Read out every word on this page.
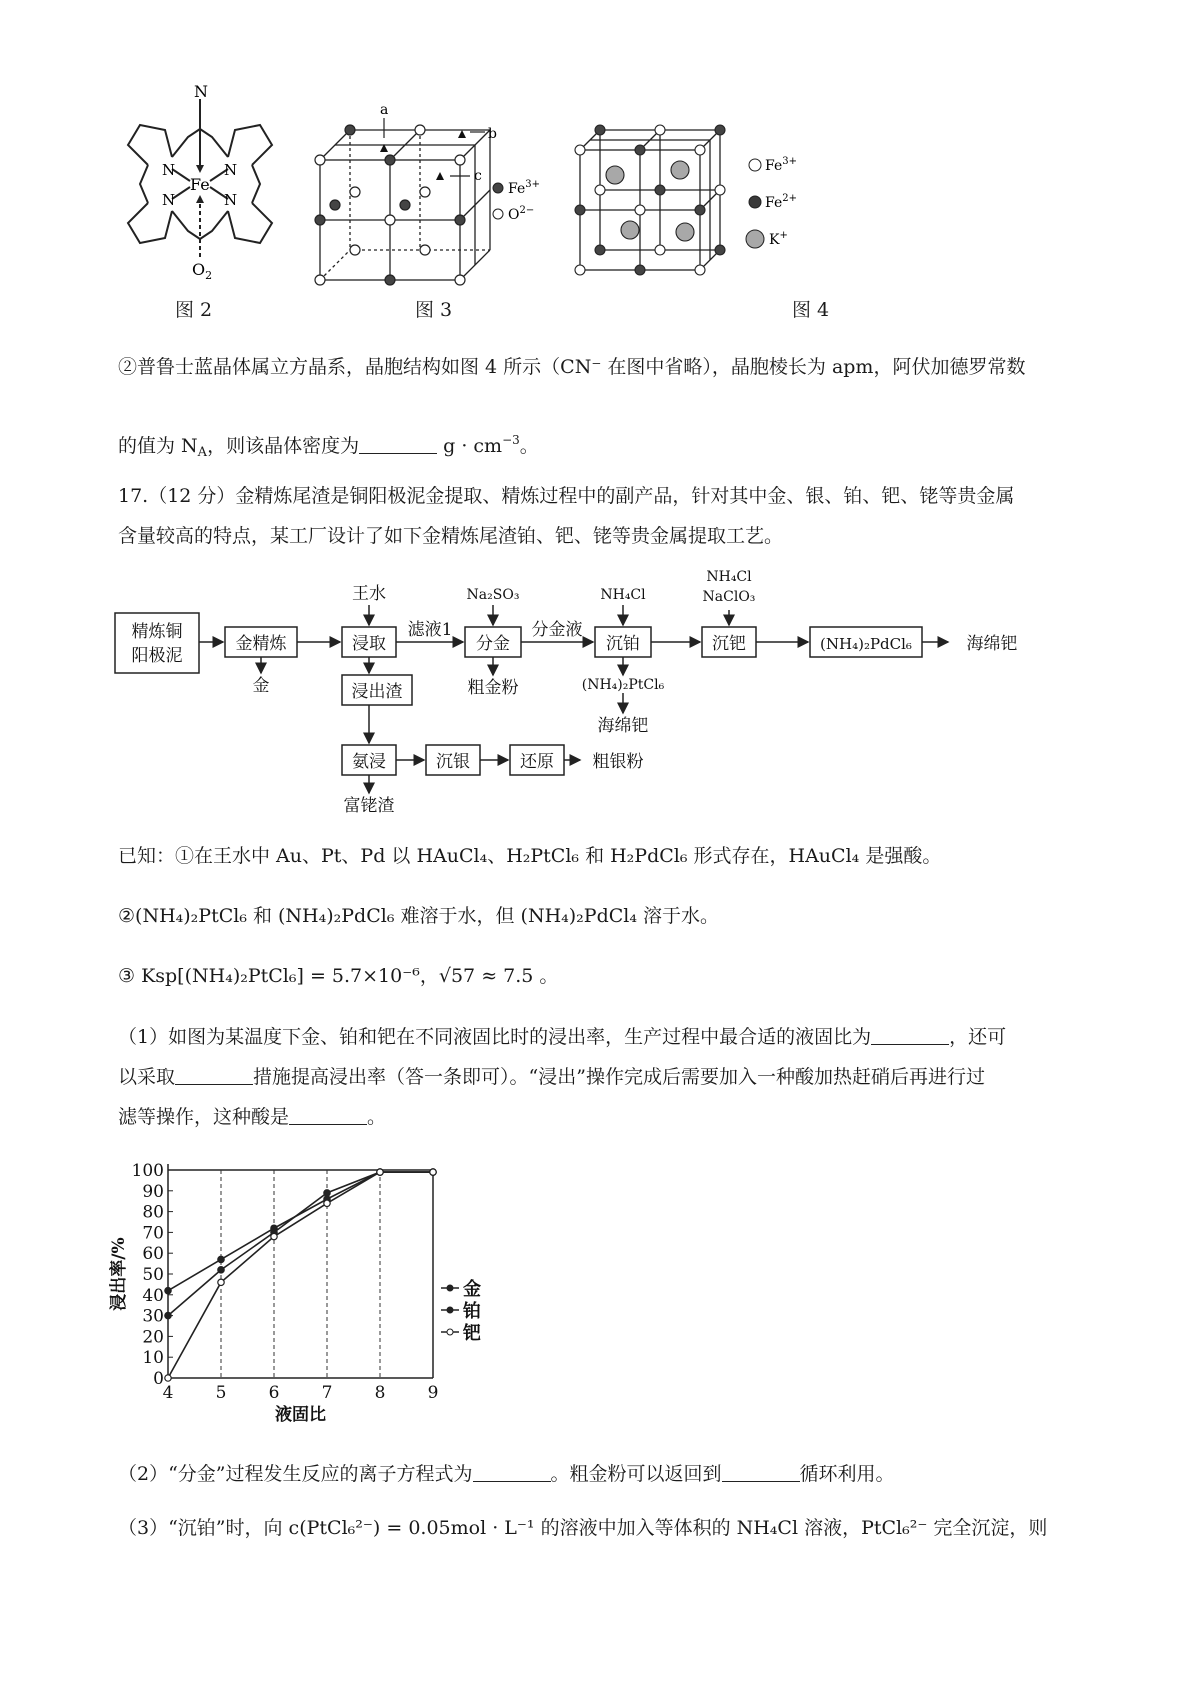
N
Fe
N	N
N	N
$O_2$
图 2
a
b
c
$Fe^{3+}$
$O^{2-}$
图 3
$Fe^{3+}$
$Fe^{2+}$
K+
图 4
②普鲁士蓝晶体属立方晶系，晶胞结构如图 4 所示（CN⁻ 在图中省略），晶胞棱长为 apm，阿伏加德罗常数
的值为 $N_A$，则该晶体密度为	$g \cdot cm^{-3}$。
17.（12 分）金精炼尾渣是铜阳极泥金提取、精炼过程中的副产品，针对其中金、银、铂、钯、铑等贵金属
含量较高的特点，某工厂设计了如下金精炼尾渣铂、钯、铑等贵金属提取工艺。
精炼铜
阳极泥
金精炼	浸取	分金	沉铂	沉钯	(NH₄)₂PdCl₆
浸出渣
氨浸	沉银	还原
王水	Na₂SO₃	NH₄Cl
NH₄Cl
NaClO₃
滤液1	分金液
海绵钯
金	粗金粉	(NH₄)₂PtCl₆
海绵钯
粗银粉
富铑渣
已知：①在王水中 Au、Pt、Pd 以 HAuCl₄、H₂PtCl₆ 和 H₂PdCl₆ 形式存在，HAuCl₄ 是强酸。
②(NH₄)₂PtCl₆ 和 (NH₄)₂PdCl₆ 难溶于水，但 (NH₄)₂PdCl₄ 溶于水。
③ Ksp[(NH₄)₂PtCl₆] = 5.7×10⁻⁶，√57 ≈ 7.5 。
（1）如图为某温度下金、铂和钯在不同液固比时的浸出率，生产过程中最合适的液固比为	，还可
以采取	措施提高浸出率（答一条即可）。“浸出”操作完成后需要加入一种酸加热赶硝后再进行过
滤等操作，这种酸是	。
0
10
20
30
40
50
60
70
80
90
100
4 5 6 7 8 9
液固比
浸出率/%	金
铂
钯
（2）“分金”过程发生反应的离子方程式为	。粗金粉可以返回到	循环利用。
（3）“沉铂”时，向 c(PtCl₆²⁻) = 0.05mol · L⁻¹ 的溶液中加入等体积的 NH₄Cl 溶液，PtCl₆²⁻ 完全沉淀，则
